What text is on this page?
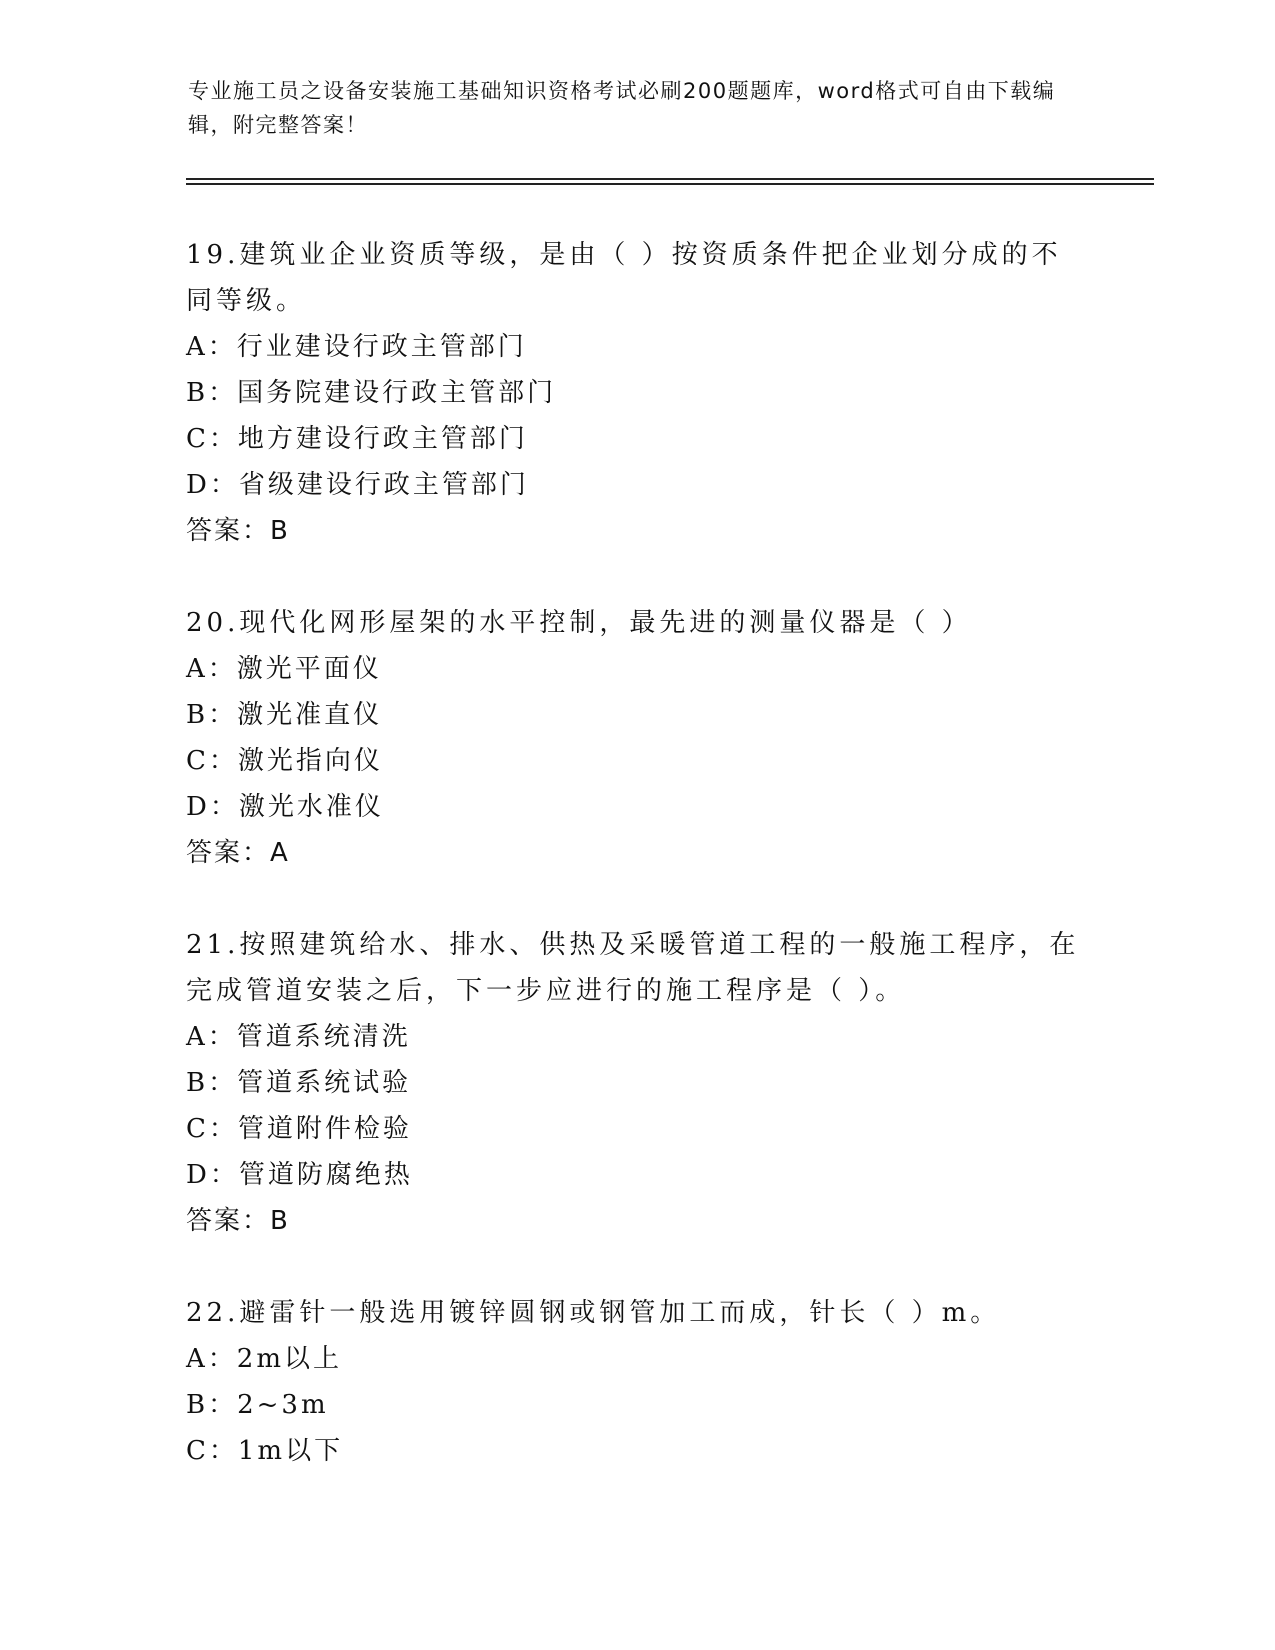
专业施工员之设备安装施工基础知识资格考试必刷200题题库，word格式可自由下载编辑，附完整答案！

19.建筑业企业资质等级，是由（ ）按资质条件把企业划分成的不同等级。

A：行业建设行政主管部门

B：国务院建设行政主管部门

C：地方建设行政主管部门

D：省级建设行政主管部门

答案：B

20.现代化网形屋架的水平控制，最先进的测量仪器是（ ）

A：激光平面仪

B：激光准直仪

C：激光指向仪

D：激光水准仪

答案：A

21.按照建筑给水、排水、供热及采暖管道工程的一般施工程序，在完成管道安装之后，下一步应进行的施工程序是（ ）。

A：管道系统清洗

B：管道系统试验

C：管道附件检验

D：管道防腐绝热

答案：B

22.避雷针一般选用镀锌圆钢或钢管加工而成，针长（ ）m。

A：2m以上

B：2~3m

C：1m以下
